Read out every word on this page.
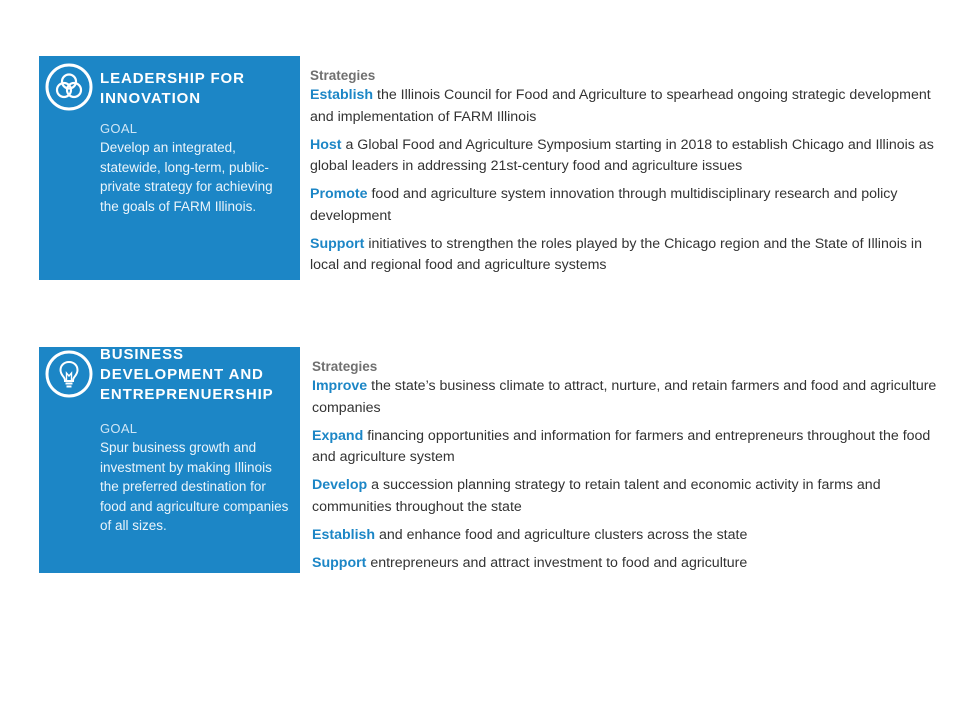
LEADERSHIP FOR
INNOVATION
GOAL
Develop an integrated, statewide, long-term, public-private strategy for achieving the goals of FARM Illinois.

Strategies

Establish the Illinois Council for Food and Agriculture to spearhead ongoing strategic development and implementation of FARM Illinois

Host a Global Food and Agriculture Symposium starting in 2018 to establish Chicago and Illinois as global leaders in addressing 21st-century food and agriculture issues

Promote food and agriculture system innovation through multidisciplinary research and policy development

Support initiatives to strengthen the roles played by the Chicago region and the State of Illinois in local and regional food and agriculture systems

BUSINESS
DEVELOPMENT AND
ENTREPRENUERSHIP
GOAL
Spur business growth and investment by making Illinois the preferred destination for food and agriculture companies of all sizes.

Strategies

Improve the state’s business climate to attract, nurture, and retain farmers and food and agriculture companies

Expand financing opportunities and information for farmers and entrepreneurs throughout the food and agriculture system

Develop a succession planning strategy to retain talent and economic activity in farms and communities throughout the state

Establish and enhance food and agriculture clusters across the state

Support entrepreneurs and attract investment to food and agriculture
